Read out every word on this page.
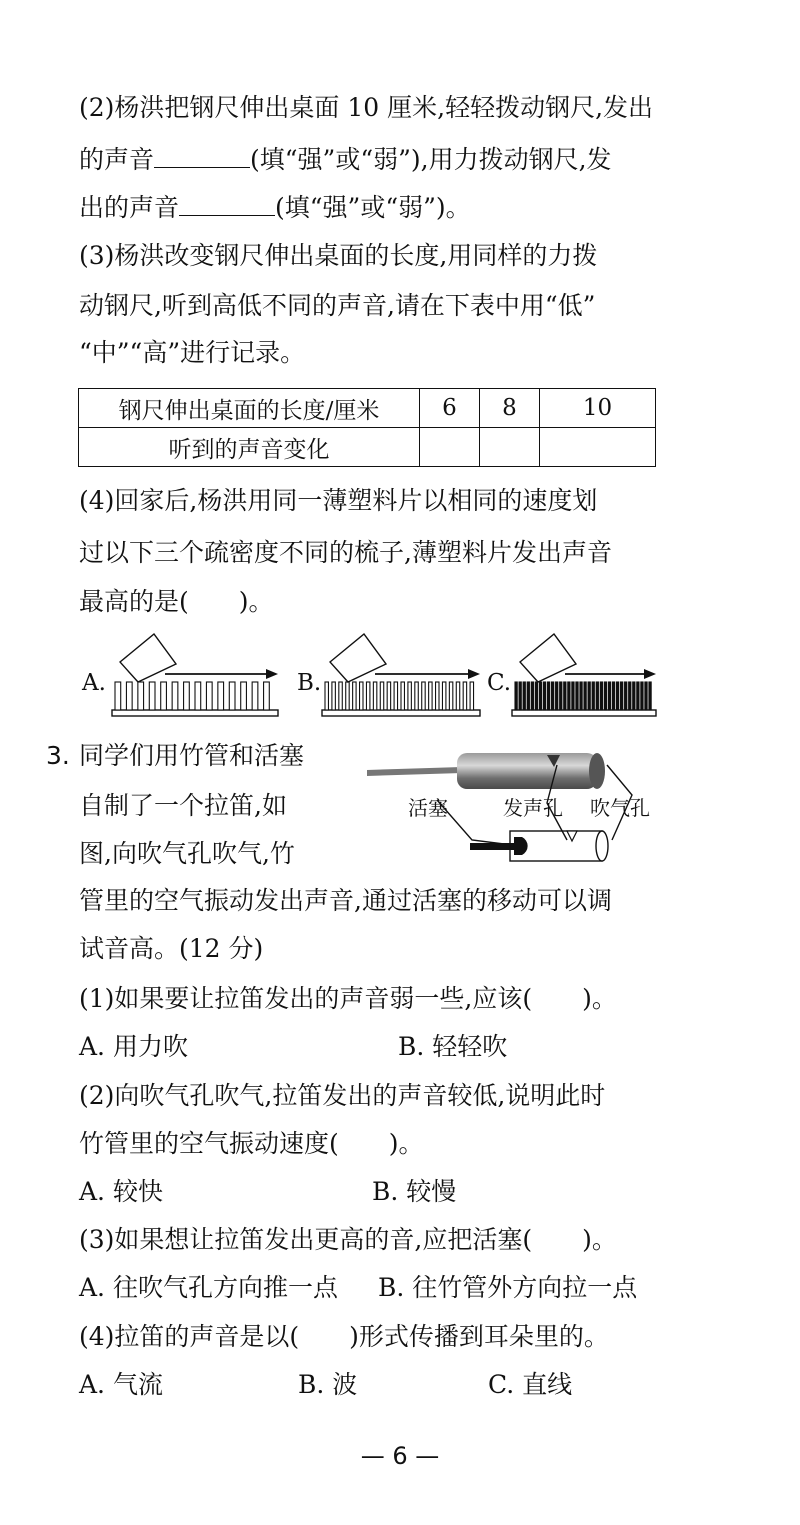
(2)杨洪把钢尺伸出桌面 10 厘米,轻轻拨动钢尺,发出
的声音	(填“强”或“弱”),用力拨动钢尺,发
出的声音	(填“强”或“弱”)。
(3)杨洪改变钢尺伸出桌面的长度,用同样的力拨
动钢尺,听到高低不同的声音,请在下表中用“低”
“中”“高”进行记录。
钢尺伸出桌面的长度/厘米	6	8	10
听到的声音变化			
(4)回家后,杨洪用同一薄塑料片以相同的速度划
过以下三个疏密度不同的梳子,薄塑料片发出声音
最高的是(　　)。
A.	B.	C.
3. 同学们用竹管和活塞
自制了一个拉笛,如
图,向吹气孔吹气,竹
活塞	发声孔 吹气孔
管里的空气振动发出声音,通过活塞的移动可以调
试音高。(12 分)
(1)如果要让拉笛发出的声音弱一些,应该(　　)。
A. 用力吹	B. 轻轻吹
(2)向吹气孔吹气,拉笛发出的声音较低,说明此时
竹管里的空气振动速度(　　)。
A. 较快	B. 较慢
(3)如果想让拉笛发出更高的音,应把活塞(　　)。
A. 往吹气孔方向推一点 B. 往竹管外方向拉一点
(4)拉笛的声音是以(　　)形式传播到耳朵里的。
A. 气流	B. 波	C. 直线
— 6 —
